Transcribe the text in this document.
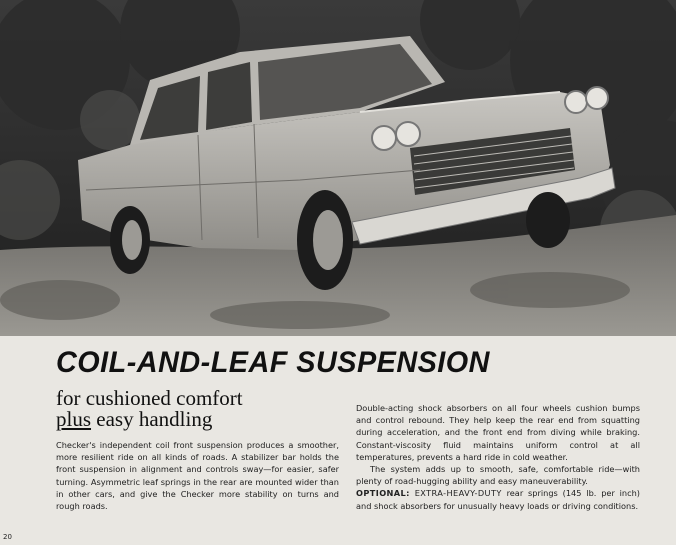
COIL-AND-LEAF SUSPENSION
for cushioned comfort
plus easy handling

Checker's independent coil front suspension produces a smoother, more resilient ride on all kinds of roads. A stabilizer bar holds the front suspension in alignment and controls sway—for easier, safer turning. Asymmetric leaf springs in the rear are mounted wider than in other cars, and give the Checker more stability on turns and rough roads.

Double-acting shock absorbers on all four wheels cushion bumps and control rebound. They help keep the rear end from squatting during acceleration, and the front end from diving while braking. Constant-viscosity fluid maintains uniform control at all temperatures, prevents a hard ride in cold weather.

The system adds up to smooth, safe, comfortable ride—with plenty of road-hugging ability and easy maneuverability.

OPTIONAL: EXTRA-HEAVY-DUTY rear springs (145 lb. per inch) and shock absorbers for unusually heavy loads or driving conditions.

20
